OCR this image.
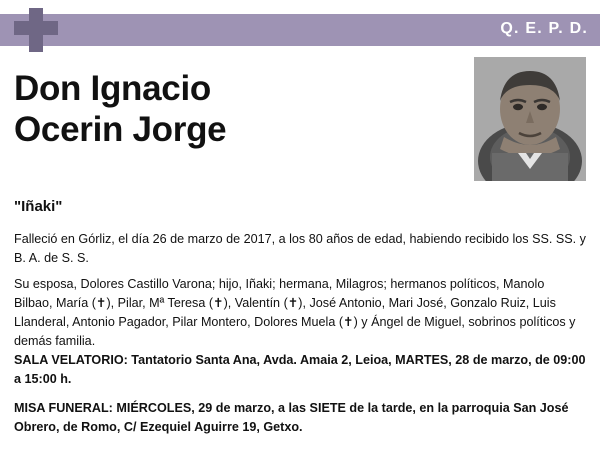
Q. E. P. D.
Don Ignacio
Ocerin Jorge
"Iñaki"
Falleció en Górliz, el día 26 de marzo de 2017, a los 80 años de edad, habiendo recibido los SS. SS. y B. A. de S. S.
Su esposa, Dolores Castillo Varona; hijo, Iñaki; hermana, Milagros; hermanos políticos, Manolo Bilbao, María (✝), Pilar, Mª Teresa (✝), Valentín (✝), José Antonio, Mari José, Gonzalo Ruiz, Luis Llanderal, Antonio Pagador, Pilar Montero, Dolores Muela (✝) y Ángel de Miguel, sobrinos políticos y demás familia.
SALA VELATORIO: Tantatorio Santa Ana, Avda. Amaia 2, Leioa, MARTES, 28 de marzo, de 09:00 a 15:00 h.
MISA FUNERAL: MIÉRCOLES, 29 de marzo, a las SIETE de la tarde, en la parroquia San José Obrero, de Romo, C/ Ezequiel Aguirre 19, Getxo.
